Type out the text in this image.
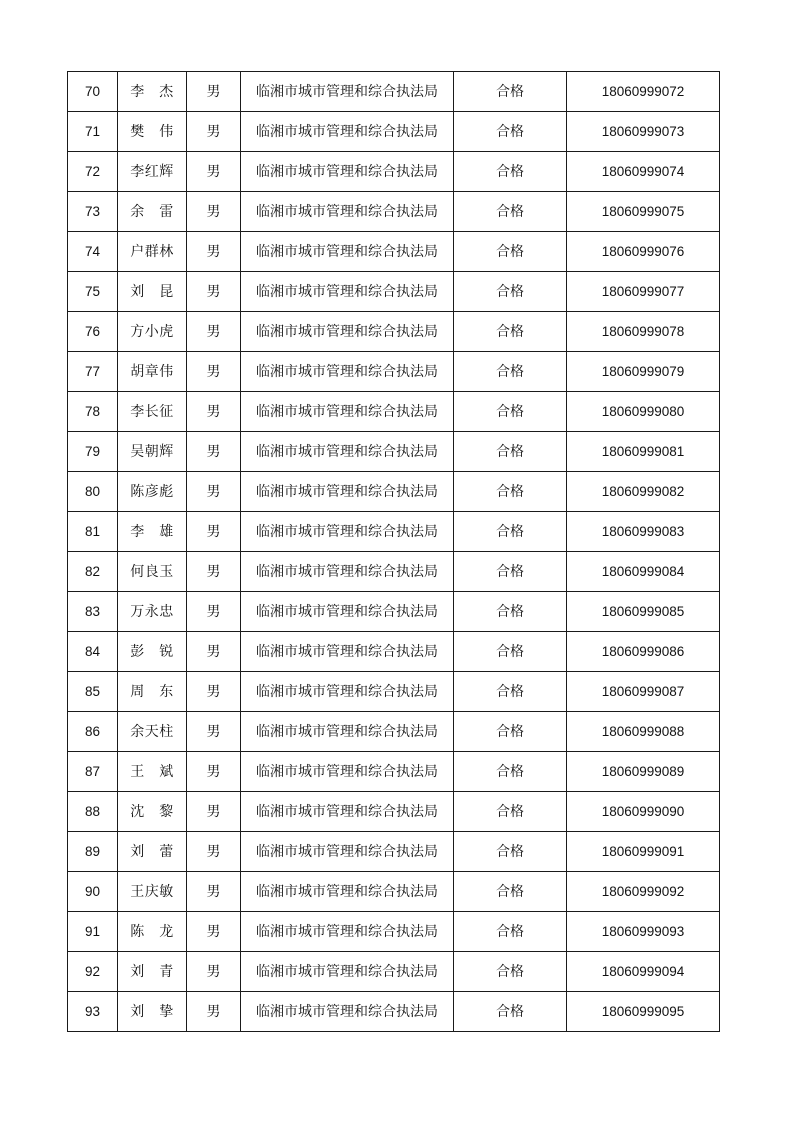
70	李　杰	男	临湘市城市管理和综合执法局	合格	18060999072
71	樊　伟	男	临湘市城市管理和综合执法局	合格	18060999073
72	李红辉	男	临湘市城市管理和综合执法局	合格	18060999074
73	余　雷	男	临湘市城市管理和综合执法局	合格	18060999075
74	户群林	男	临湘市城市管理和综合执法局	合格	18060999076
75	刘　昆	男	临湘市城市管理和综合执法局	合格	18060999077
76	方小虎	男	临湘市城市管理和综合执法局	合格	18060999078
77	胡章伟	男	临湘市城市管理和综合执法局	合格	18060999079
78	李长征	男	临湘市城市管理和综合执法局	合格	18060999080
79	吴朝辉	男	临湘市城市管理和综合执法局	合格	18060999081
80	陈彦彪	男	临湘市城市管理和综合执法局	合格	18060999082
81	李　雄	男	临湘市城市管理和综合执法局	合格	18060999083
82	何良玉	男	临湘市城市管理和综合执法局	合格	18060999084
83	万永忠	男	临湘市城市管理和综合执法局	合格	18060999085
84	彭　锐	男	临湘市城市管理和综合执法局	合格	18060999086
85	周　东	男	临湘市城市管理和综合执法局	合格	18060999087
86	余天柱	男	临湘市城市管理和综合执法局	合格	18060999088
87	王　斌	男	临湘市城市管理和综合执法局	合格	18060999089
88	沈　黎	男	临湘市城市管理和综合执法局	合格	18060999090
89	刘　蕾	男	临湘市城市管理和综合执法局	合格	18060999091
90	王庆敏	男	临湘市城市管理和综合执法局	合格	18060999092
91	陈　龙	男	临湘市城市管理和综合执法局	合格	18060999093
92	刘　青	男	临湘市城市管理和综合执法局	合格	18060999094
93	刘　挚	男	临湘市城市管理和综合执法局	合格	18060999095
